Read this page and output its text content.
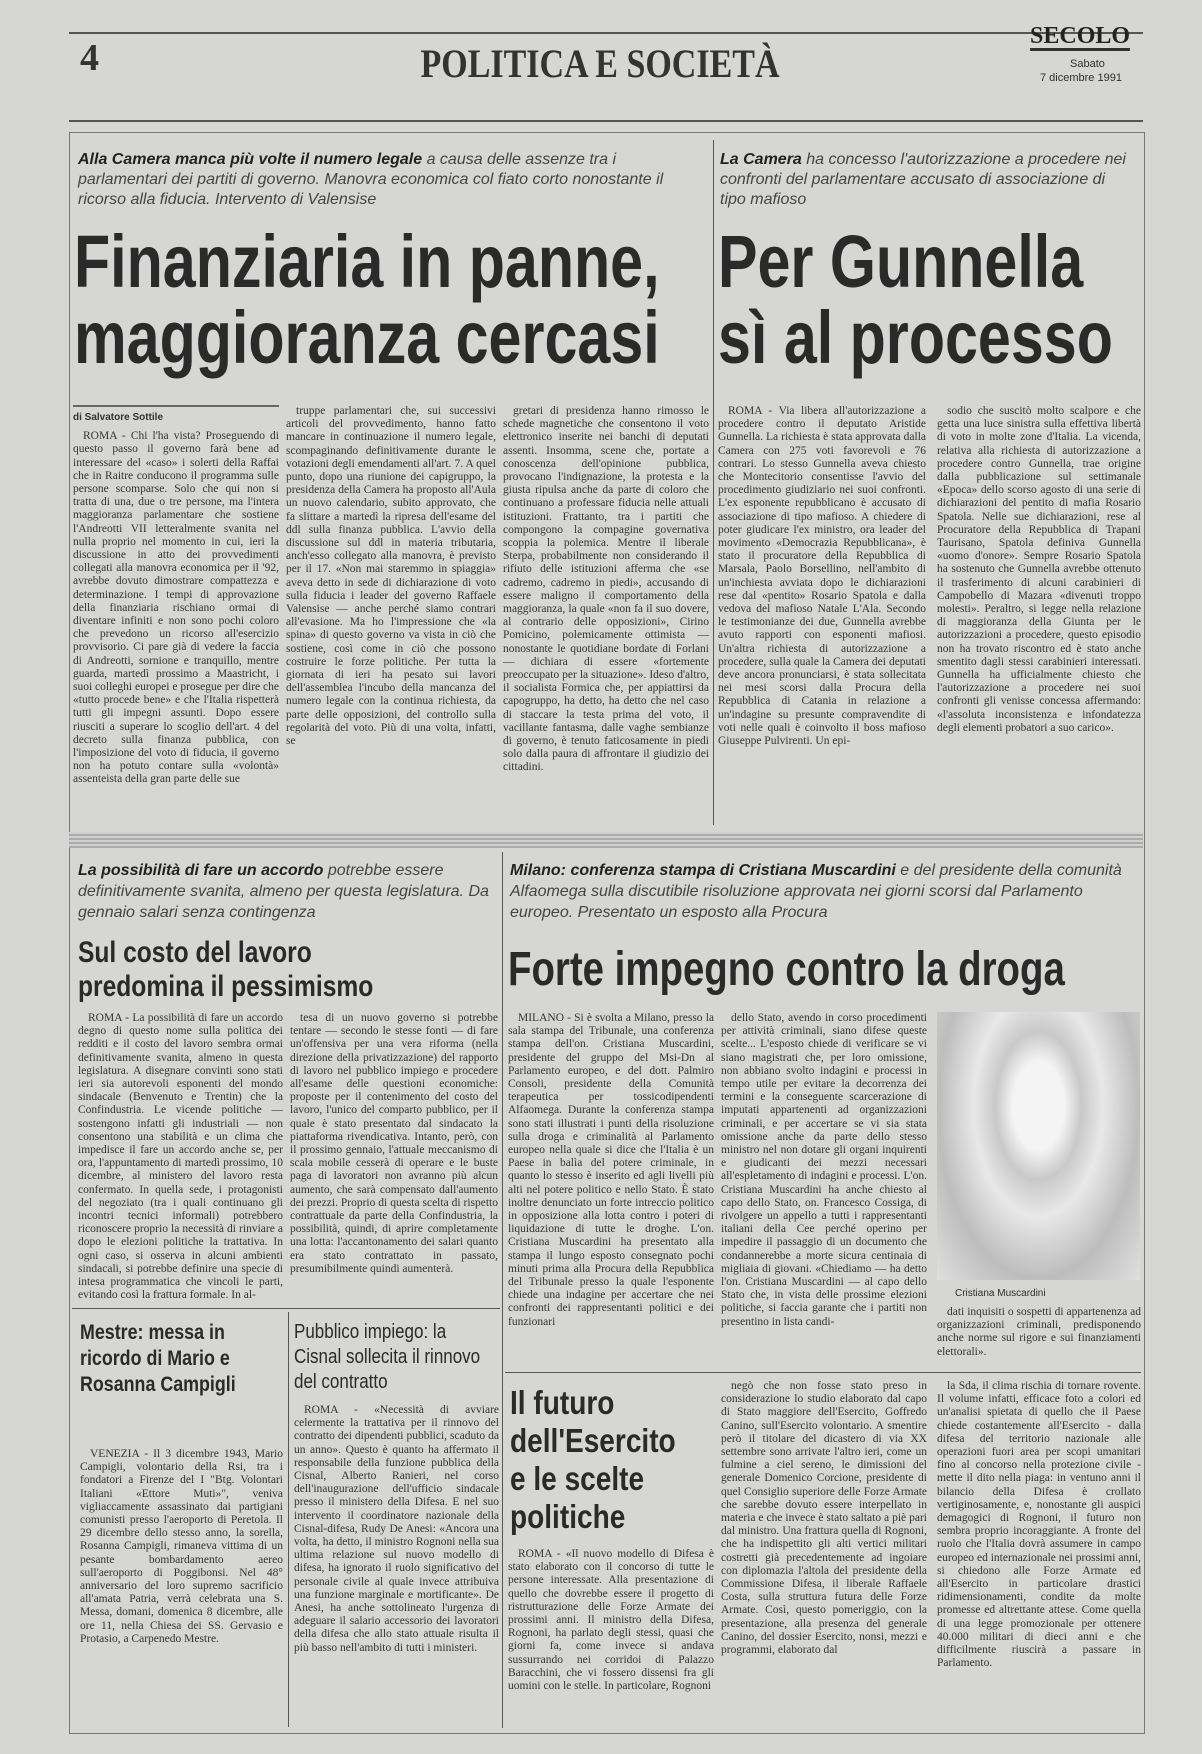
4	POLITICA E SOCIETÀ
SECOLO
Sabato
7 dicembre 1991
Alla Camera manca più volte il numero legale a causa delle assenze tra i parlamentari dei partiti di governo. Manovra economica col fiato corto nonostante il ricorso alla fiducia. Intervento di Valensise
Finanziaria in panne,
maggioranza cercasi
di Salvatore Sottile

ROMA - Chi l'ha vista? Proseguendo di questo passo il governo farà bene ad interessare del «caso» i solerti della Raffai che in Raitre conducono il programma sulle persone scomparse. Solo che qui non si tratta di una, due o tre persone, ma l'intera maggioranza parlamentare che sostiene l'Andreotti VII letteralmente svanita nel nulla proprio nel momento in cui, ieri la discussione in atto dei provvedimenti collegati alla manovra economica per il '92, avrebbe dovuto dimostrare compattezza e determinazione. I tempi di approvazione della finanziaria rischiano ormai di diventare infiniti e non sono pochi coloro che prevedono un ricorso all'esercizio provvisorio. Ci pare già di vedere la faccia di Andreotti, sornione e tranquillo, mentre guarda, martedì prossimo a Maastricht, i suoi colleghi europei e prosegue per dire che «tutto procede bene» e che l'Italia rispetterà tutti gli impegni assunti. Dopo essere riusciti a superare lo scoglio dell'art. 4 del decreto sulla finanza pubblica, con l'imposizione del voto di fiducia, il governo non ha potuto contare sulla «volontà» assenteista della gran parte delle sue

truppe parlamentari che, sui successivi articoli del provvedimento, hanno fatto mancare in continuazione il numero legale, scompaginando definitivamente durante le votazioni degli emendamenti all'art. 7. A quel punto, dopo una riunione dei capigruppo, la presidenza della Camera ha proposto all'Aula un nuovo calendario, subito approvato, che fa slittare a martedì la ripresa dell'esame del ddl sulla finanza pubblica. L'avvio della discussione sul ddl in materia tributaria, anch'esso collegato alla manovra, è previsto per il 17. «Non mai staremmo in spiaggia» aveva detto in sede di dichiarazione di voto sulla fiducia i leader del governo Raffaele Valensise — anche perché siamo contrari all'evasione. Ma ho l'impressione che «la spina» di questo governo va vista in ciò che sostiene, così come in ciò che possono costruire le forze politiche. Per tutta la giornata di ieri ha pesato sui lavori dell'assemblea l'incubo della mancanza del numero legale con la continua richiesta, da parte delle opposizioni, del controllo sulla regolarità del voto. Più di una volta, infatti, se

gretari di presidenza hanno rimosso le schede magnetiche che consentono il voto elettronico inserite nei banchi di deputati assenti. Insomma, scene che, portate a conoscenza dell'opinione pubblica, provocano l'indignazione, la protesta e la giusta ripulsa anche da parte di coloro che continuano a professare fiducia nelle attuali istituzioni. Frattanto, tra i partiti che compongono la compagine governativa scoppia la polemica. Mentre il liberale Sterpa, probabilmente non considerando il rifiuto delle istituzioni afferma che «se cadremo, cadremo in piedi», accusando di essere maligno il comportamento della maggioranza, la quale «non fa il suo dovere, al contrario delle opposizioni», Cirino Pomicino, polemicamente ottimista — nonostante le quotidiane bordate di Forlani — dichiara di essere «fortemente preoccupato per la situazione». Ideso d'altro, il socialista Formica che, per appiattirsi da capogruppo, ha detto, ha detto che nel caso di staccare la testa prima del voto, il vacillante fantasma, dalle vaghe sembianze di governo, è tenuto faticosamente in piedi solo dalla paura di affrontare il giudizio dei cittadini.

La Camera ha concesso l'autorizzazione a procedere nei confronti del parlamentare accusato di associazione di tipo mafioso
Per Gunnella
sì al processo

ROMA - Via libera all'autorizzazione a procedere contro il deputato Aristide Gunnella. La richiesta è stata approvata dalla Camera con 275 voti favorevoli e 76 contrari. Lo stesso Gunnella aveva chiesto che Montecitorio consentisse l'avvio del procedimento giudiziario nei suoi confronti. L'ex esponente repubblicano è accusato di associazione di tipo mafioso. A chiedere di poter giudicare l'ex ministro, ora leader del movimento «Democrazia Repubblicana», è stato il procuratore della Repubblica di Marsala, Paolo Borsellino, nell'ambito di un'inchiesta avviata dopo le dichiarazioni rese dal «pentito» Rosario Spatola e dalla vedova del mafioso Natale L'Ala. Secondo le testimonianze dei due, Gunnella avrebbe avuto rapporti con esponenti mafiosi. Un'altra richiesta di autorizzazione a procedere, sulla quale la Camera dei deputati deve ancora pronunciarsi, è stata sollecitata nei mesi scorsi dalla Procura della Repubblica di Catania in relazione a un'indagine su presunte compravendite di voti nelle quali è coinvolto il boss mafioso Giuseppe Pulvirenti. Un epi-

sodio che suscitò molto scalpore e che getta una luce sinistra sulla effettiva libertà di voto in molte zone d'Italia. La vicenda, relativa alla richiesta di autorizzazione a procedere contro Gunnella, trae origine dalla pubblicazione sul settimanale «Epoca» dello scorso agosto di una serie di dichiarazioni del pentito di mafia Rosario Spatola. Nelle sue dichiarazioni, rese al Procuratore della Repubblica di Trapani Taurisano, Spatola definiva Gunnella «uomo d'onore». Sempre Rosario Spatola ha sostenuto che Gunnella avrebbe ottenuto il trasferimento di alcuni carabinieri di Campobello di Mazara «divenuti troppo molesti». Peraltro, si legge nella relazione di maggioranza della Giunta per le autorizzazioni a procedere, questo episodio non ha trovato riscontro ed è stato anche smentito dagli stessi carabinieri interessati. Gunnella ha ufficialmente chiesto che l'autorizzazione a procedere nei suoi confronti gli venisse concessa affermando: «l'assoluta inconsistenza e infondatezza degli elementi probatori a suo carico».

La possibilità di fare un accordo potrebbe essere definitivamente svanita, almeno per questa legislatura. Da gennaio salari senza contingenza
Sul costo del lavoro
predomina il pessimismo

ROMA - La possibilità di fare un accordo degno di questo nome sulla politica dei redditi e il costo del lavoro sembra ormai definitivamente svanita, almeno in questa legislatura. A disegnare convinti sono stati ieri sia autorevoli esponenti del mondo sindacale (Benvenuto e Trentin) che la Confindustria. Le vicende politiche — sostengono infatti gli industriali — non consentono una stabilità e un clima che impedisce il fare un accordo anche se, per ora, l'appuntamento di martedì prossimo, 10 dicembre, al ministero del lavoro resta confermato. In quella sede, i protagonisti del negoziato (tra i quali continuano gli incontri tecnici informali) potrebbero riconoscere proprio la necessità di rinviare a dopo le elezioni politiche la trattativa. In ogni caso, si osserva in alcuni ambienti sindacali, si potrebbe definire una specie di intesa programmatica che vincoli le parti, evitando così la frattura formale. In al-

tesa di un nuovo governo si potrebbe tentare — secondo le stesse fonti — di fare un'offensiva per una vera riforma (nella direzione della privatizzazione) del rapporto di lavoro nel pubblico impiego e procedere all'esame delle questioni economiche: proposte per il contenimento del costo del lavoro, l'unico del comparto pubblico, per il quale è stato presentato dal sindacato la piattaforma rivendicativa. Intanto, però, con il prossimo gennaio, l'attuale meccanismo di scala mobile cesserà di operare e le buste paga di lavoratori non avranno più alcun aumento, che sarà compensato dall'aumento dei prezzi. Proprio di questa scelta di rispetto contrattuale da parte della Confindustria, la possibilità, quindi, di aprire completamente una lotta: l'accantonamento dei salari quanto era stato contrattato in passato, presumibilmente quindi aumenterà.

Milano: conferenza stampa di Cristiana Muscardini e del presidente della comunità Alfaomega sulla discutibile risoluzione approvata nei giorni scorsi dal Parlamento europeo. Presentato un esposto alla Procura
Forte impegno contro la droga

MILANO - Si è svolta a Milano, presso la sala stampa del Tribunale, una conferenza stampa dell'on. Cristiana Muscardini, presidente del gruppo del Msi-Dn al Parlamento europeo, e del dott. Palmiro Consoli, presidente della Comunità terapeutica per tossicodipendenti Alfaomega. Durante la conferenza stampa sono stati illustrati i punti della risoluzione sulla droga e criminalità al Parlamento europeo nella quale si dice che l'Italia è un Paese in balìa del potere criminale, in quanto lo stesso è inserito ed agli livelli più alti nel potere politico e nello Stato. È stato inoltre denunciato un forte intreccio politico in opposizione alla lotta contro i poteri di liquidazione di tutte le droghe. L'on. Cristiana Muscardini ha presentato alla stampa il lungo esposto consegnato pochi minuti prima alla Procura della Repubblica del Tribunale presso la quale l'esponente chiede una indagine per accertare che nei confronti dei rappresentanti politici e dei funzionari

dello Stato, avendo in corso procedimenti per attività criminali, siano difese queste scelte... L'esposto chiede di verificare se vi siano magistrati che, per loro omissione, non abbiano svolto indagini e processi in tempo utile per evitare la decorrenza dei termini e la conseguente scarcerazione di imputati appartenenti ad organizzazioni criminali, e per accertare se vi sia stata omissione anche da parte dello stesso ministro nel non dotare gli organi inquirenti e giudicanti dei mezzi necessari all'espletamento di indagini e processi. L'on. Cristiana Muscardini ha anche chiesto al capo dello Stato, on. Francesco Cossiga, di rivolgere un appello a tutti i rappresentanti italiani della Cee perché operino per impedire il passaggio di un documento che condannerebbe a morte sicura centinaia di migliaia di giovani. «Chiediamo — ha detto l'on. Cristiana Muscardini — al capo dello Stato che, in vista delle prossime elezioni politiche, si faccia garante che i partiti non presentino in lista candi-

Cristiana Muscardini

dati inquisiti o sospetti di appartenenza ad organizzazioni criminali, predisponendo anche norme sul rigore e sui finanziamenti elettorali».

Mestre: messa in ricordo di Mario e Rosanna Campigli

VENEZIA - Il 3 dicembre 1943, Mario Campigli, volontario della Rsi, tra i fondatori a Firenze del I "Btg. Volontari Italiani «Ettore Muti»", veniva vigliaccamente assassinato dai partigiani comunisti presso l'aeroporto di Peretola. Il 29 dicembre dello stesso anno, la sorella, Rosanna Campigli, rimaneva vittima di un pesante bombardamento aereo sull'aeroporto di Poggibonsi. Nel 48° anniversario del loro supremo sacrificio all'amata Patria, verrà celebrata una S. Messa, domani, domenica 8 dicembre, alle ore 11, nella Chiesa dei SS. Gervasio e Protasio, a Carpenedo Mestre.

Pubblico impiego: la Cisnal sollecita il rinnovo del contratto

ROMA - «Necessità di avviare celermente la trattativa per il rinnovo del contratto dei dipendenti pubblici, scaduto da un anno». Questo è quanto ha affermato il responsabile della funzione pubblica della Cisnal, Alberto Ranieri, nel corso dell'inaugurazione dell'ufficio sindacale presso il ministero della Difesa. E nel suo intervento il coordinatore nazionale della Cisnal-difesa, Rudy De Anesi: «Ancora una volta, ha detto, il ministro Rognoni nella sua ultima relazione sul nuovo modello di difesa, ha ignorato il ruolo significativo del personale civile al quale invece attribuiva una funzione marginale e mortificante». De Anesi, ha anche sottolineato l'urgenza di adeguare il salario accessorio dei lavoratori della difesa che allo stato attuale risulta il più basso nell'ambito di tutti i ministeri.

Il futuro dell'Esercito e le scelte politiche

ROMA - «Il nuovo modello di Difesa è stato elaborato con il concorso di tutte le persone interessate. Alla presentazione di quello che dovrebbe essere il progetto di ristrutturazione delle Forze Armate dei prossimi anni. Il ministro della Difesa, Rognoni, ha parlato degli stessi, quasi che giorni fa, come invece si andava sussurrando nei corridoi di Palazzo Baracchini, che vi fossero dissensi fra gli uomini con le stelle. In particolare, Rognoni

negò che non fosse stato preso in considerazione lo studio elaborato dal capo di Stato maggiore dell'Esercito, Goffredo Canino, sull'Esercito volontario. A smentire però il titolare del dicastero di via XX settembre sono arrivate l'altro ieri, come un fulmine a ciel sereno, le dimissioni del generale Domenico Corcione, presidente di quel Consiglio superiore delle Forze Armate che sarebbe dovuto essere interpellato in materia e che invece è stato saltato a piè pari dal ministro. Una frattura quella di Rognoni, che ha indispettito gli alti vertici militari costretti già precedentemente ad ingoiare con diplomazia l'altola del presidente della Commissione Difesa, il liberale Raffaele Costa, sulla struttura futura delle Forze Armate. Così, questo pomeriggio, con la presentazione, alla presenza del generale Canino, del dossier Esercito, nonsi, mezzi e programmi, elaborato dal

la Sda, il clima rischia di tornare rovente. Il volume infatti, efficace foto a colori ed un'analisi spietata di quello che il Paese chiede costantemente all'Esercito - dalla difesa del territorio nazionale alle operazioni fuori area per scopi umanitari fino al concorso nella protezione civile - mette il dito nella piaga: in ventuno anni il bilancio della Difesa è crollato vertiginosamente, e, nonostante gli auspici demagogici di Rognoni, il futuro non sembra proprio incoraggiante. A fronte del ruolo che l'Italia dovrà assumere in campo europeo ed internazionale nei prossimi anni, si chiedono alle Forze Armate ed all'Esercito in particolare drastici ridimensionamenti, condite da molte promesse ed altrettante attese. Come quella di una legge promozionale per ottenere 40.000 militari di dieci anni e che difficilmente riuscirà a passare in Parlamento.
